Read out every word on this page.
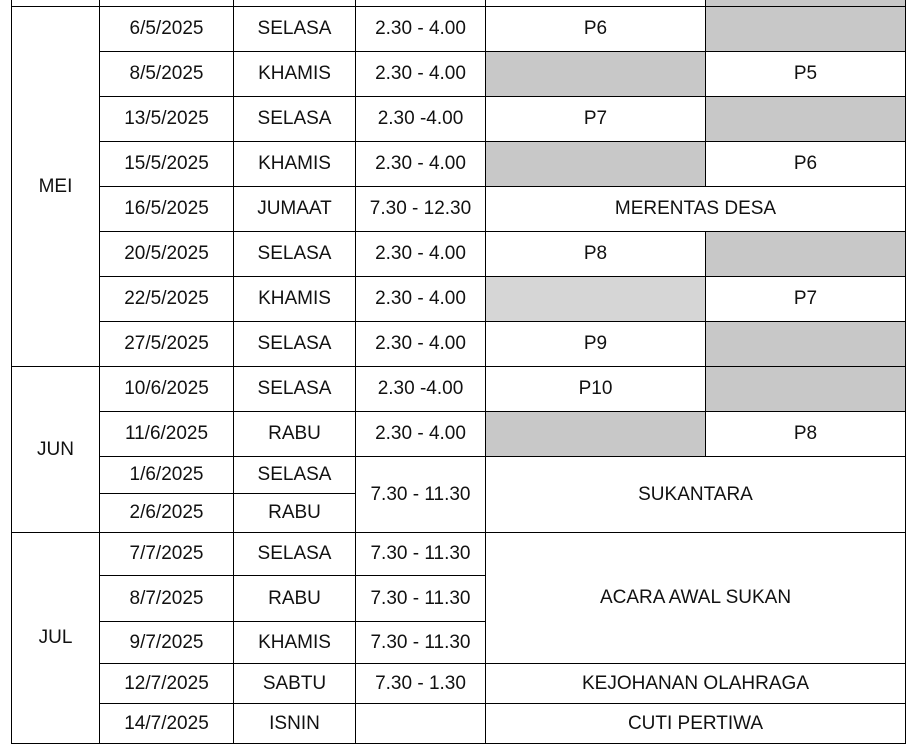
MEI	6/5/2025	SELASA	2.30 - 4.00	P6	
	8/5/2025	KHAMIS	2.30 - 4.00		P5
	13/5/2025	SELASA	2.30 -4.00	P7	
	15/5/2025	KHAMIS	2.30 - 4.00		P6
	16/5/2025	JUMAAT	7.30 - 12.30	MERENTAS DESA	
	20/5/2025	SELASA	2.30 - 4.00	P8	
	22/5/2025	KHAMIS	2.30 - 4.00		P7
	27/5/2025	SELASA	2.30 - 4.00	P9	
JUN	10/6/2025	SELASA	2.30 -4.00	P10	
	11/6/2025	RABU	2.30 - 4.00		P8
	1/6/2025	SELASA	7.30 - 11.30	SUKANTARA	
	2/6/2025	RABU			
JUL	7/7/2025	SELASA	7.30 - 11.30	ACARA AWAL SUKAN	
	8/7/2025	RABU	7.30 - 11.30		
	9/7/2025	KHAMIS	7.30 - 11.30		
	12/7/2025	SABTU	7.30 - 1.30	KEJOHANAN OLAHRAGA	
	14/7/2025	ISNIN		CUTI PERTIWA	
